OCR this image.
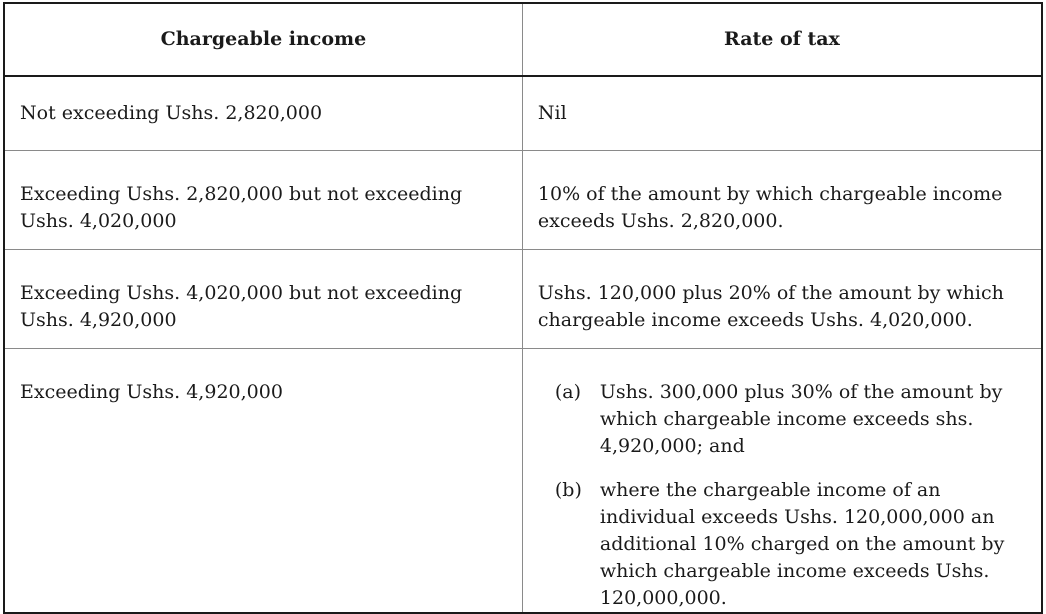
Chargeable income	Rate of tax
Not exceeding Ushs. 2,820,000	Nil
Exceeding Ushs. 2,820,000 but not exceeding Ushs. 4,020,000	10% of the amount by which chargeable income exceeds Ushs. 2,820,000.
Exceeding Ushs. 4,020,000 but not exceeding Ushs. 4,920,000	Ushs. 120,000 plus 20% of the amount by which chargeable income exceeds Ushs. 4,020,000.
Exceeding Ushs. 4,920,000	(a) Ushs. 300,000 plus 30% of the amount by which chargeable income exceeds shs. 4,920,000; and
(b) where the chargeable income of an individual exceeds Ushs. 120,000,000 an additional 10% charged on the amount by which chargeable income exceeds Ushs. 120,000,000.
